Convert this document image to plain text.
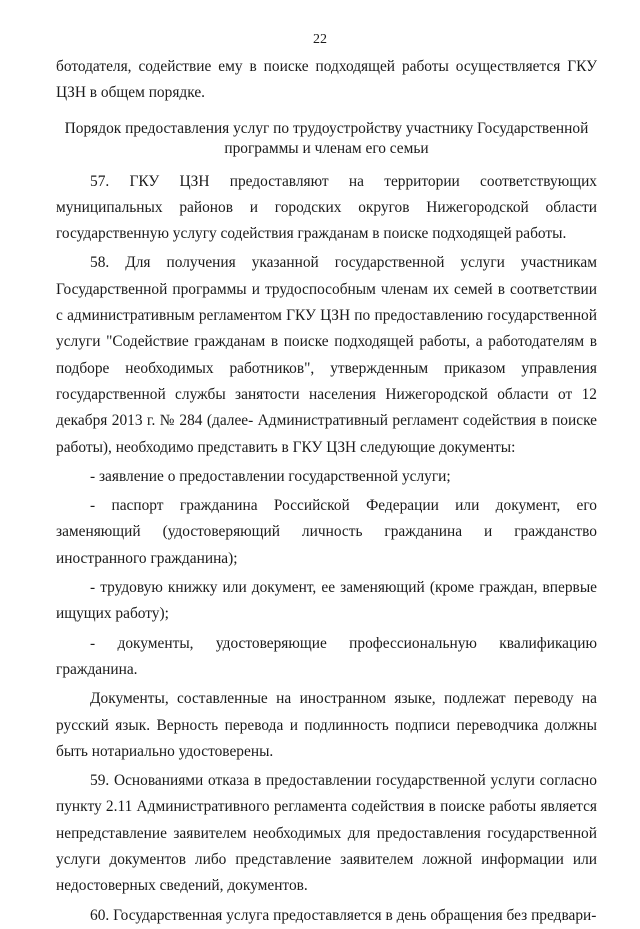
22

ботодателя, содействие ему в поиске подходящей работы осуществляется ГКУ ЦЗН в общем порядке.

Порядок предоставления услуг по трудоустройству участнику Государственной программы и членам его семьи

57. ГКУ ЦЗН предоставляют на территории соответствующих муниципальных районов и городских округов Нижегородской области государственную услугу содействия гражданам в поиске подходящей работы.

58. Для получения указанной государственной услуги участникам Государственной программы и трудоспособным членам их семей в соответствии с административным регламентом ГКУ ЦЗН по предоставлению государственной услуги "Содействие гражданам в поиске подходящей работы, а работодателям в подборе необходимых работников", утвержденным приказом управления государственной службы занятости населения Нижегородской области от 12 декабря 2013 г. № 284 (далее- Административный регламент содействия в поиске работы), необходимо представить в ГКУ ЦЗН следующие документы:

- заявление о предоставлении государственной услуги;

- паспорт гражданина Российской Федерации или документ, его заменяющий (удостоверяющий личность гражданина и гражданство иностранного гражданина);

- трудовую книжку или документ, ее заменяющий (кроме граждан, впервые ищущих работу);

- документы, удостоверяющие профессиональную квалификацию гражданина.

Документы, составленные на иностранном языке, подлежат переводу на русский язык. Верность перевода и подлинность подписи переводчика должны быть нотариально удостоверены.

59. Основаниями отказа в предоставлении государственной услуги согласно пункту 2.11 Административного регламента содействия в поиске работы является непредставление заявителем необходимых для предоставления государственной услуги документов либо представление заявителем ложной информации или недостоверных сведений, документов.

60. Государственная услуга предоставляется в день обращения без предвари-
